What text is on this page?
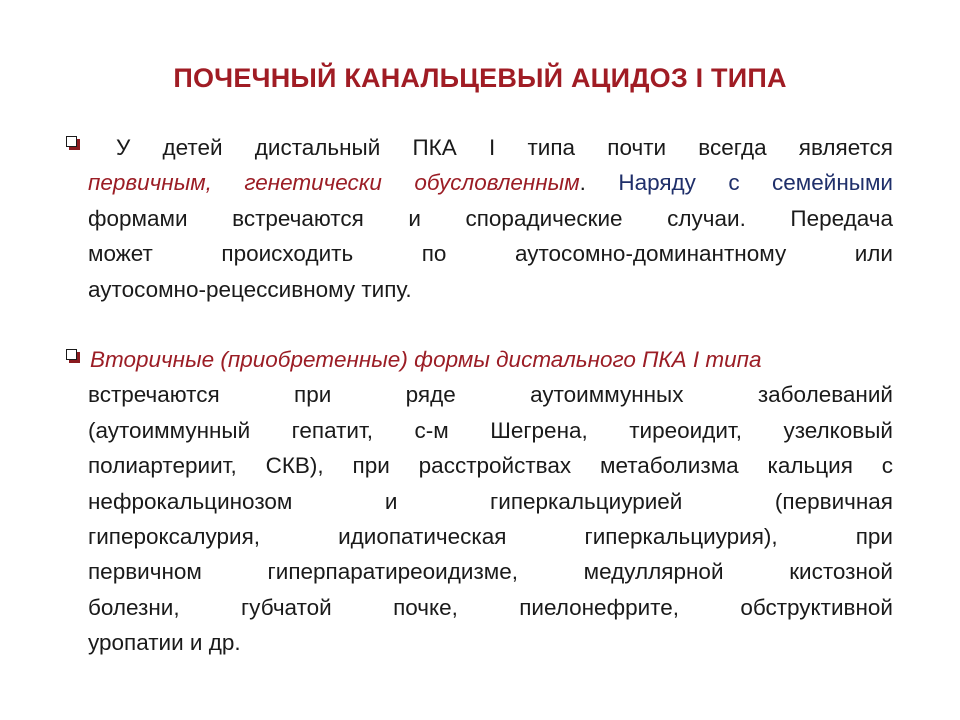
ПОЧЕЧНЫЙ КАНАЛЬЦЕВЫЙ АЦИДОЗ I ТИПА
У детей дистальный ПКА I типа почти всегда является
первичным, генетически обусловленным. Наряду с семейными
формами встречаются и спорадические случаи. Передача
может происходить по аутосомно-доминантному или
аутосомно-рецессивному типу.
Вторичные (приобретенные) формы дистального ПКА I типа
встречаются при ряде аутоиммунных заболеваний
(аутоиммунный гепатит, с-м Шегрена, тиреоидит, узелковый
полиартериит, СКВ), при расстройствах метаболизма кальция с
нефрокальцинозом и гиперкальциурией (первичная
гипероксалурия, идиопатическая гиперкальциурия), при
первичном гиперпаратиреоидизме, медуллярной кистозной
болезни, губчатой почке, пиелонефрите, обструктивной
уропатии и др.
